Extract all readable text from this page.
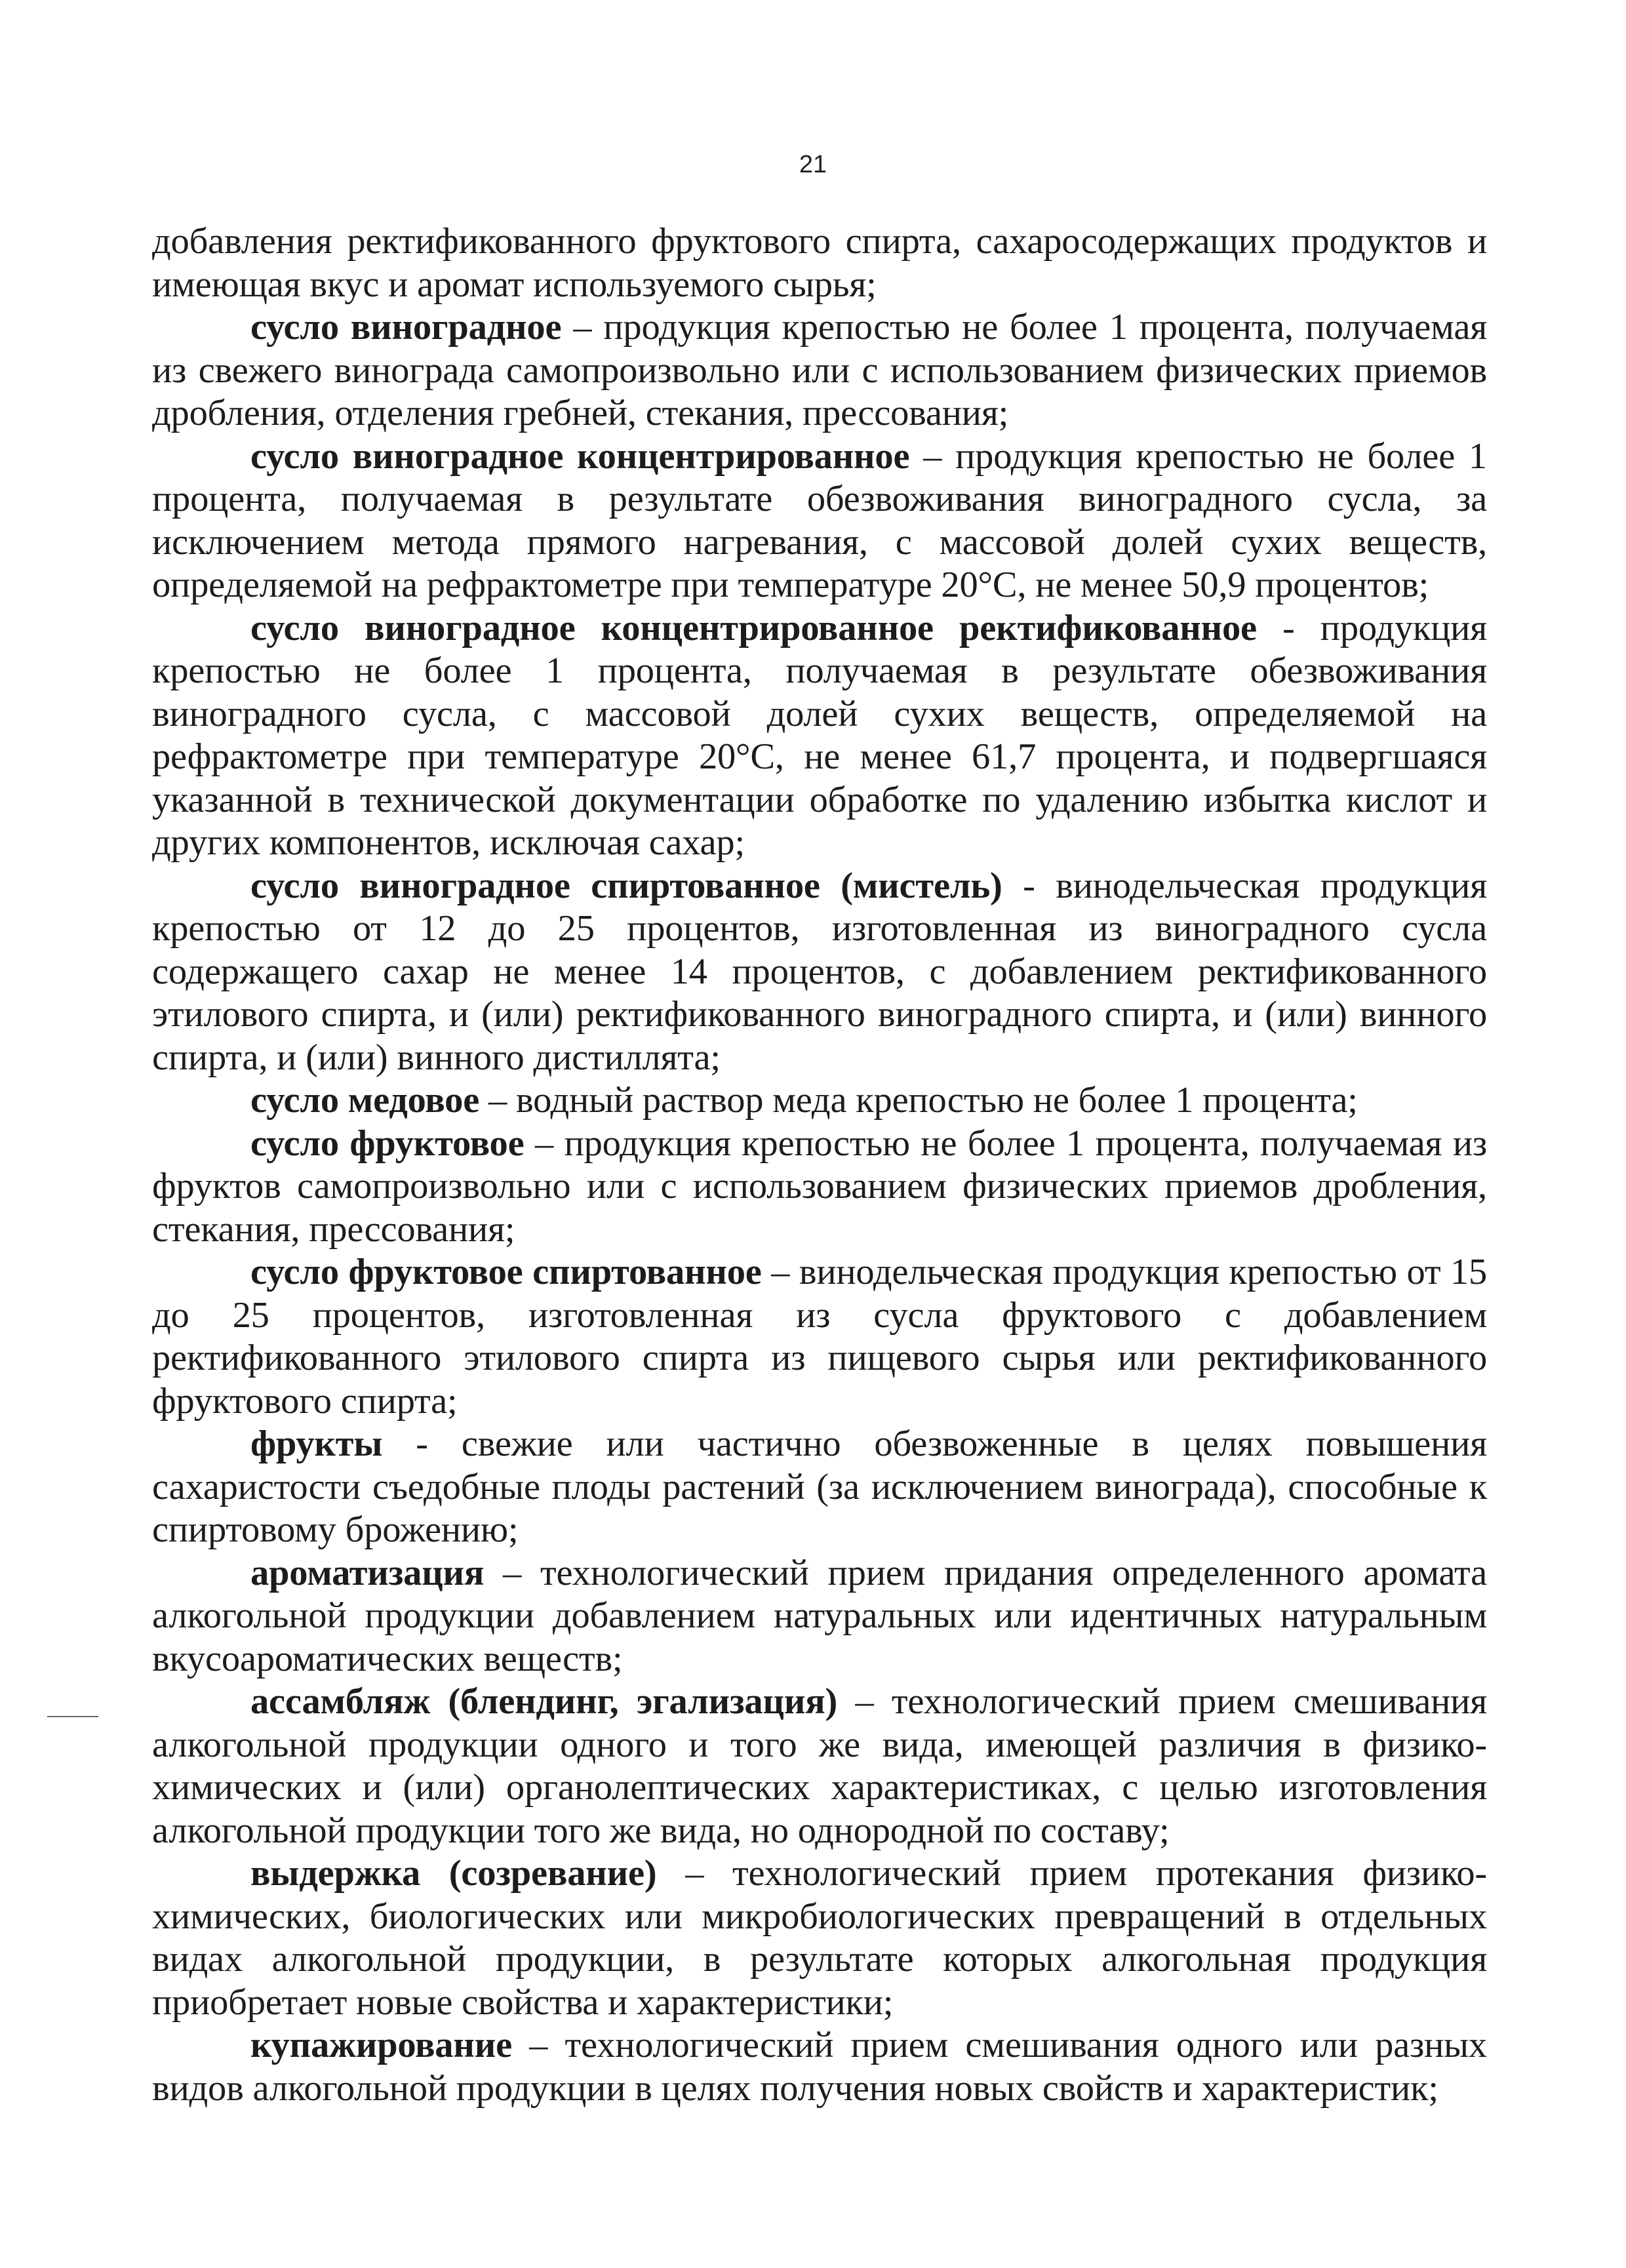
21

добавления ректификованного фруктового спирта, сахаросодержащих продуктов и имеющая вкус и аромат используемого сырья;

сусло виноградное – продукция крепостью не более 1 процента, получаемая из свежего винограда самопроизвольно или с использованием физических приемов дробления, отделения гребней, стекания, прессования;

сусло виноградное концентрированное – продукция крепостью не более 1 процента, получаемая в результате обезвоживания виноградного сусла, за исключением метода прямого нагревания, с массовой долей сухих веществ, определяемой на рефрактометре при температуре 20°С, не менее 50,9 процентов;

сусло виноградное концентрированное ректификованное - продукция крепостью не более 1 процента, получаемая в результате обезвоживания виноградного сусла, с массовой долей сухих веществ, определяемой на рефрактометре при температуре 20°С, не менее 61,7 процента, и подвергшаяся указанной в технической документации обработке по удалению избытка кислот и других компонентов, исключая сахар;

сусло виноградное спиртованное (мистель) - винодельческая продукция крепостью от 12 до 25 процентов, изготовленная из виноградного сусла содержащего сахар не менее 14 процентов, с добавлением ректификованного этилового спирта, и (или) ректификованного виноградного спирта, и (или) винного спирта, и (или) винного дистиллята;

сусло медовое – водный раствор меда крепостью не более 1 процента;

сусло фруктовое – продукция крепостью не более 1 процента, получаемая из фруктов самопроизвольно или с использованием физических приемов дробления, стекания, прессования;

сусло фруктовое спиртованное – винодельческая продукция крепостью от 15 до 25 процентов, изготовленная из сусла фруктового с добавлением ректификованного этилового спирта из пищевого сырья или ректификованного фруктового спирта;

фрукты - свежие или частично обезвоженные в целях повышения сахаристости съедобные плоды растений (за исключением винограда), способные к спиртовому брожению;

ароматизация – технологический прием придания определенного аромата алкогольной продукции добавлением натуральных или идентичных натуральным вкусоароматических веществ;

ассамбляж (блендинг, эгализация) – технологический прием смешивания алкогольной продукции одного и того же вида, имеющей различия в физико-химических и (или) органолептических характеристиках, с целью изготовления алкогольной продукции того же вида, но однородной по составу;

выдержка (созревание) – технологический прием протекания физико-химических, биологических или микробиологических превращений в отдельных видах алкогольной продукции, в результате которых алкогольная продукция приобретает новые свойства и характеристики;

купажирование – технологический прием смешивания одного или разных видов алкогольной продукции в целях получения новых свойств и характеристик;
